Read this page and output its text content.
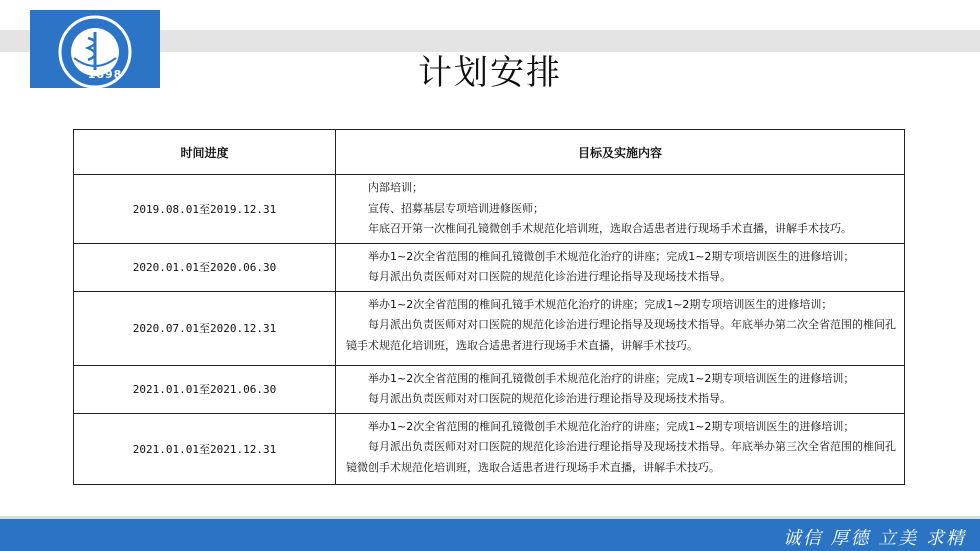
1898	计划安排
时间进度	目标及实施内容
2019.08.01至2019.12.31	内部培训；
宣传、招募基层专项培训进修医师；
年底召开第一次椎间孔镜微创手术规范化培训班，选取合适患者进行现场手术直播，讲解手术技巧。

2020.01.01至2020.06.30	举办1~2次全省范围的椎间孔镜微创手术规范化治疗的讲座；完成1~2期专项培训医生的进修培训；
每月派出负责医师对对口医院的规范化诊治进行理论指导及现场技术指导。

2020.07.01至2020.12.31	举办1~2次全省范围的椎间孔镜手术规范化治疗的讲座；完成1~2期专项培训医生的进修培训；
每月派出负责医师对对口医院的规范化诊治进行理论指导及现场技术指导。年底举办第二次全省范围的椎间孔镜手术规范化培训班，选取合适患者进行现场手术直播，讲解手术技巧。

2021.01.01至2021.06.30	举办1~2次全省范围的椎间孔镜微创手术规范化治疗的讲座；完成1~2期专项培训医生的进修培训；
每月派出负责医师对对口医院的规范化诊治进行理论指导及现场技术指导。

2021.01.01至2021.12.31	举办1~2次全省范围的椎间孔镜微创手术规范化治疗的讲座；完成1~2期专项培训医生的进修培训；
每月派出负责医师对对口医院的规范化诊治进行理论指导及现场技术指导。年底举办第三次全省范围的椎间孔镜微创手术规范化培训班，选取合适患者进行现场手术直播，讲解手术技巧。
诚信 厚德 立美 求精
